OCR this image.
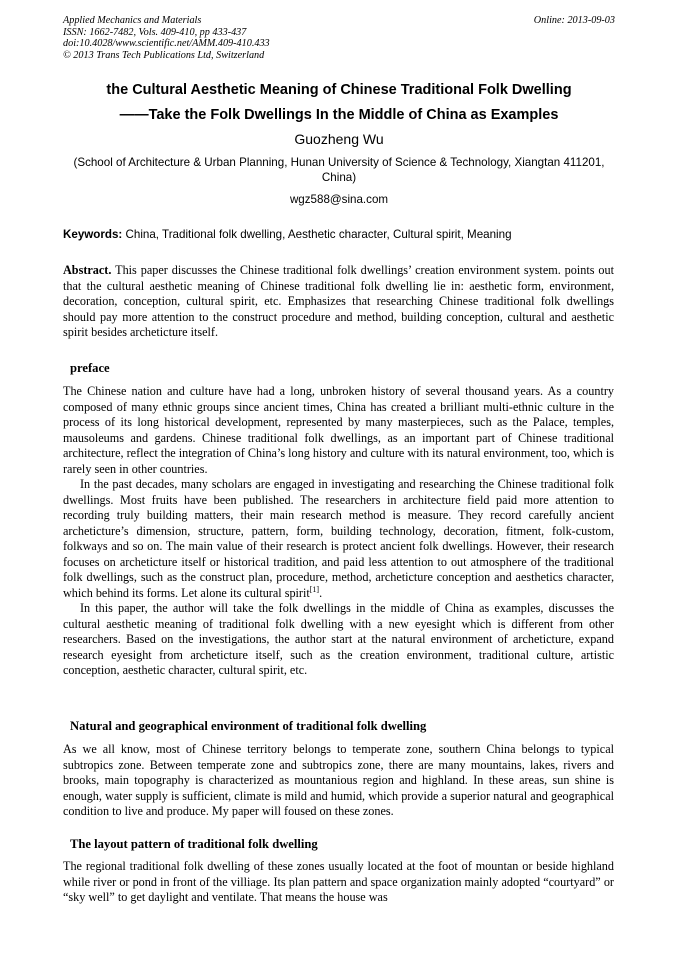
Applied Mechanics and Materials
ISSN: 1662-7482, Vols. 409-410, pp 433-437
doi:10.4028/www.scientific.net/AMM.409-410.433
© 2013 Trans Tech Publications Ltd, Switzerland
Online: 2013-09-03
the Cultural Aesthetic Meaning of Chinese Traditional Folk Dwelling
——Take the Folk Dwellings In the Middle of China as Examples
Guozheng Wu
(School of Architecture & Urban Planning, Hunan University of Science & Technology, Xiangtan 411201, China)
wgz588@sina.com
Keywords: China, Traditional folk dwelling, Aesthetic character, Cultural spirit, Meaning
Abstract. This paper discusses the Chinese traditional folk dwellings’ creation environment system. points out that the cultural aesthetic meaning of Chinese traditional folk dwelling lie in: aesthetic form, environment, decoration, conception, cultural spirit, etc. Emphasizes that researching Chinese traditional folk dwellings should pay more attention to the construct procedure and method, building conception, cultural and aesthetic spirit besides archeticture itself.
preface
The Chinese nation and culture have had a long, unbroken history of several thousand years. As a country composed of many ethnic groups since ancient times, China has created a brilliant multi-ethnic culture in the process of its long historical development, represented by many masterpieces, such as the Palace, temples, mausoleums and gardens. Chinese traditional folk dwellings, as an important part of Chinese traditional architecture, reflect the integration of China’s long history and culture with its natural environment, too, which is rarely seen in other countries.
In the past decades, many scholars are engaged in investigating and researching the Chinese traditional folk dwellings. Most fruits have been published. The researchers in architecture field paid more attention to recording truly building matters, their main research method is measure. They record carefully ancient archeticture’s dimension, structure, pattern, form, building technology, decoration, fitment, folk-custom, folkways and so on. The main value of their research is protect ancient folk dwellings. However, their research focuses on archeticture itself or historical tradition, and paid less attention to out atmosphere of the traditional folk dwellings, such as the construct plan, procedure, method, archeticture conception and aesthetics character, which behind its forms. Let alone its cultural spirit[1].
In this paper, the author will take the folk dwellings in the middle of China as examples, discusses the cultural aesthetic meaning of traditional folk dwelling with a new eyesight which is different from other researchers. Based on the investigations, the author start at the natural environment of archeticture, expand research eyesight from archeticture itself, such as the creation environment, traditional culture, artistic conception, aesthetic character, cultural spirit, etc.
Natural and geographical environment of traditional folk dwelling
As we all know, most of Chinese territory belongs to temperate zone, southern China belongs to typical subtropics zone. Between temperate zone and subtropics zone, there are many mountains, lakes, rivers and brooks, main topography is characterized as mountanious region and highland. In these areas, sun shine is enough, water supply is sufficient, climate is mild and humid, which provide a superior natural and geographical condition to live and produce. My paper will foused on these zones.
The layout pattern of traditional folk dwelling
The regional traditional folk dwelling of these zones usually located at the foot of mountan or beside highland while river or pond in front of the villiage. Its plan pattern and space organization mainly adopted “courtyard” or “sky well” to get daylight and ventilate. That means the house was
